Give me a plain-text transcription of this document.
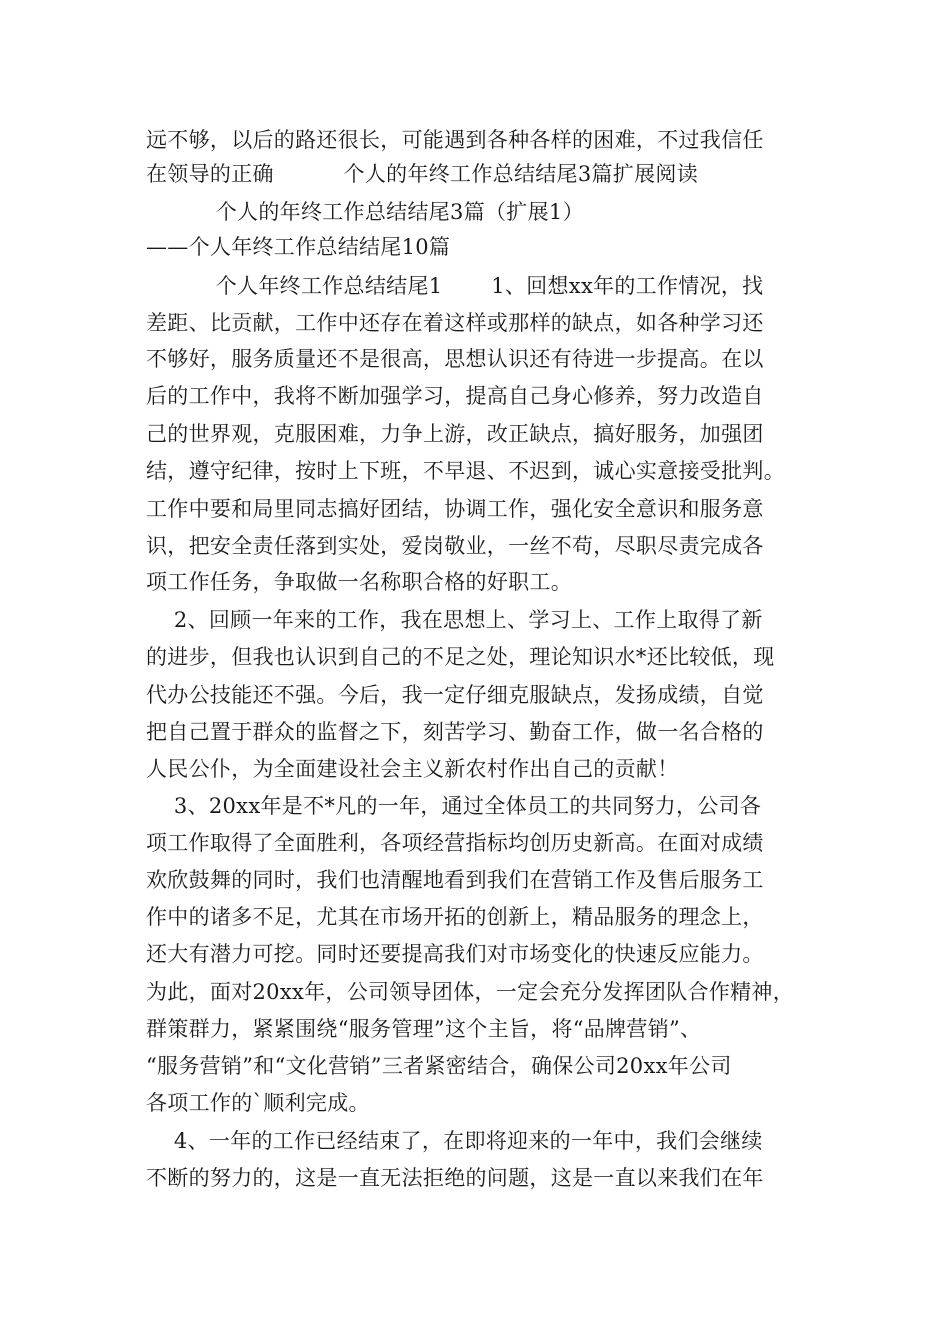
远不够，以后的路还很长，可能遇到各种各样的困难，不过我信任
在领导的正确          个人的年终工作总结结尾3篇扩展阅读
个人的年终工作总结结尾3篇（扩展1）
——个人年终工作总结结尾10篇
个人年终工作总结结尾1       1、回想xx年的工作情况，找
差距、比贡献，工作中还存在着这样或那样的缺点，如各种学习还
不够好，服务质量还不是很高，思想认识还有待进一步提高。在以
后的工作中，我将不断加强学习，提高自己身心修养，努力改造自
己的世界观，克服困难，力争上游，改正缺点，搞好服务，加强团
结，遵守纪律，按时上下班，不早退、不迟到，诚心实意接受批判。
工作中要和局里同志搞好团结，协调工作，强化安全意识和服务意
识，把安全责任落到实处，爱岗敬业，一丝不苟，尽职尽责完成各
项工作任务，争取做一名称职合格的好职工。
2、回顾一年来的工作，我在思想上、学习上、工作上取得了新
的进步，但我也认识到自己的不足之处，理论知识水*还比较低，现
代办公技能还不强。今后，我一定仔细克服缺点，发扬成绩，自觉
把自己置于群众的监督之下，刻苦学习、勤奋工作，做一名合格的
人民公仆，为全面建设社会主义新农村作出自己的贡献！
3、20xx年是不*凡的一年，通过全体员工的共同努力，公司各
项工作取得了全面胜利，各项经营指标均创历史新高。在面对成绩
欢欣鼓舞的同时，我们也清醒地看到我们在营销工作及售后服务工
作中的诸多不足，尤其在市场开拓的创新上，精品服务的理念上，
还大有潜力可挖。同时还要提高我们对市场变化的快速反应能力。
为此，面对20xx年，公司领导团体，一定会充分发挥团队合作精神，
群策群力，紧紧围绕“服务管理”这个主旨，将“品牌营销”、
“服务营销”和“文化营销”三者紧密结合，确保公司20xx年公司
各项工作的`顺利完成。
4、一年的工作已经结束了，在即将迎来的一年中，我们会继续
不断的努力的，这是一直无法拒绝的问题，这是一直以来我们在年
